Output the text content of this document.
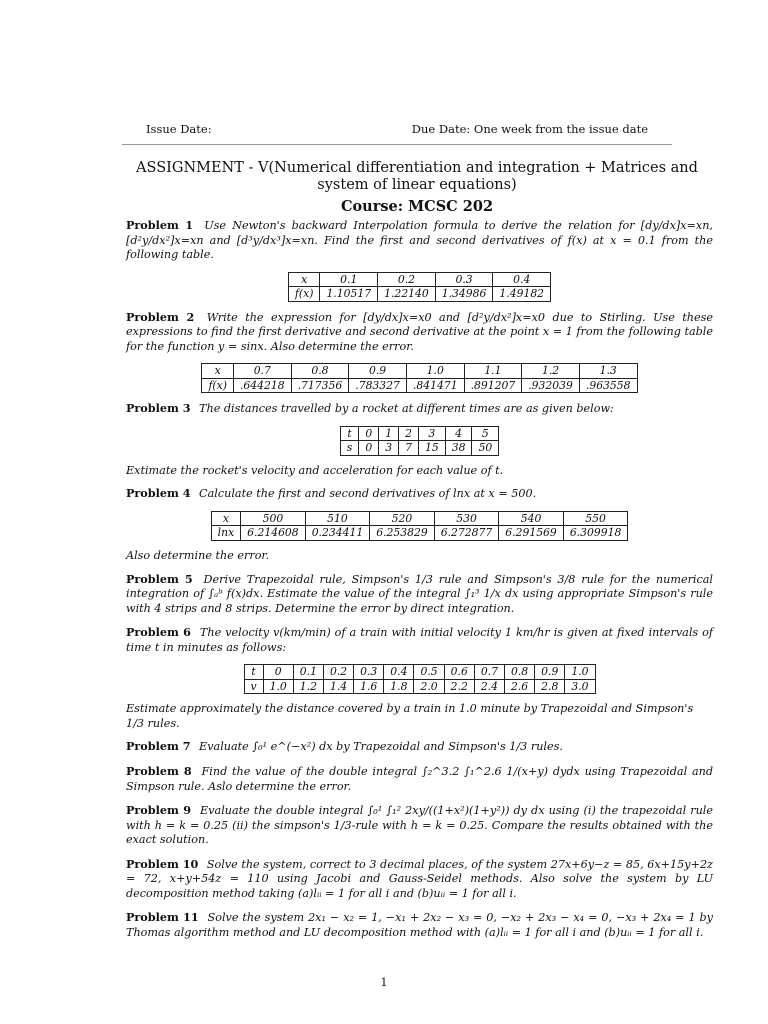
Issue Date:	Due Date: One week from the issue date
ASSIGNMENT - V(Numerical differentiation and integration + Matrices and system of linear equations)
Course: MCSC 202
Problem 1 Use Newton's backward Interpolation formula to derive the relation for [dy/dx]x=xn, [d²y/dx²]x=xn and [d³y/dx³]x=xn. Find the first and second derivatives of f(x) at x = 0.1 from the following table.
x	0.1	0.2	0.3	0.4
f(x)	1.10517	1.22140	1.34986	1.49182
Problem 2 Write the expression for [dy/dx]x=x0 and [d²y/dx²]x=x0 due to Stirling. Use these expressions to find the first derivative and second derivative at the point x = 1 from the following table for the function y = sinx. Also determine the error.
x	0.7	0.8	0.9	1.0	1.1	1.2	1.3
f(x)	.644218	.717356	.783327	.841471	.891207	.932039	.963558
Problem 3 The distances travelled by a rocket at different times are as given below:
t	0	1	2	3	4	5
s	0	3	7	15	38	50
Extimate the rocket's velocity and acceleration for each value of t.
Problem 4 Calculate the first and second derivatives of lnx at x = 500.
x	500	510	520	530	540	550
lnx	6.214608	0.234411	6.253829	6.272877	6.291569	6.309918
Also determine the error.
Problem 5 Derive Trapezoidal rule, Simpson's 1/3 rule and Simpson's 3/8 rule for the numerical integration of ∫ₐᵇ f(x)dx. Estimate the value of the integral ∫₁³ 1/x dx using appropriate Simpson's rule with 4 strips and 8 strips. Determine the error by direct integration.
Problem 6 The velocity v(km/min) of a train with initial velocity 1 km/hr is given at fixed intervals of time t in minutes as follows:
t	0	0.1	0.2	0.3	0.4	0.5	0.6	0.7	0.8	0.9	1.0
v	1.0	1.2	1.4	1.6	1.8	2.0	2.2	2.4	2.6	2.8	3.0
Estimate approximately the distance covered by a train in 1.0 minute by Trapezoidal and Simpson's 1/3 rules.
Problem 7 Evaluate ∫₀¹ e^(−x²) dx by Trapezoidal and Simpson's 1/3 rules.
Problem 8 Find the value of the double integral ∫₂^3.2 ∫₁^2.6 1/(x+y) dydx using Trapezoidal and Simpson rule. Aslo determine the error.
Problem 9 Evaluate the double integral ∫₀¹ ∫₁² 2xy/((1+x²)(1+y²)) dy dx using (i) the trapezoidal rule with h = k = 0.25 (ii) the simpson's 1/3-rule with h = k = 0.25. Compare the results obtained with the exact solution.
Problem 10 Solve the system, correct to 3 decimal places, of the system 27x+6y−z = 85, 6x+15y+2z = 72, x+y+54z = 110 using Jacobi and Gauss-Seidel methods. Also solve the system by LU decomposition method taking (a)lᵢᵢ = 1 for all i and (b)uᵢᵢ = 1 for all i.
Problem 11 Solve the system 2x₁ − x₂ = 1, −x₁ + 2x₂ − x₃ = 0, −x₂ + 2x₃ − x₄ = 0, −x₃ + 2x₄ = 1 by Thomas algorithm method and LU decomposition method with (a)lᵢᵢ = 1 for all i and (b)uᵢᵢ = 1 for all i.
1
